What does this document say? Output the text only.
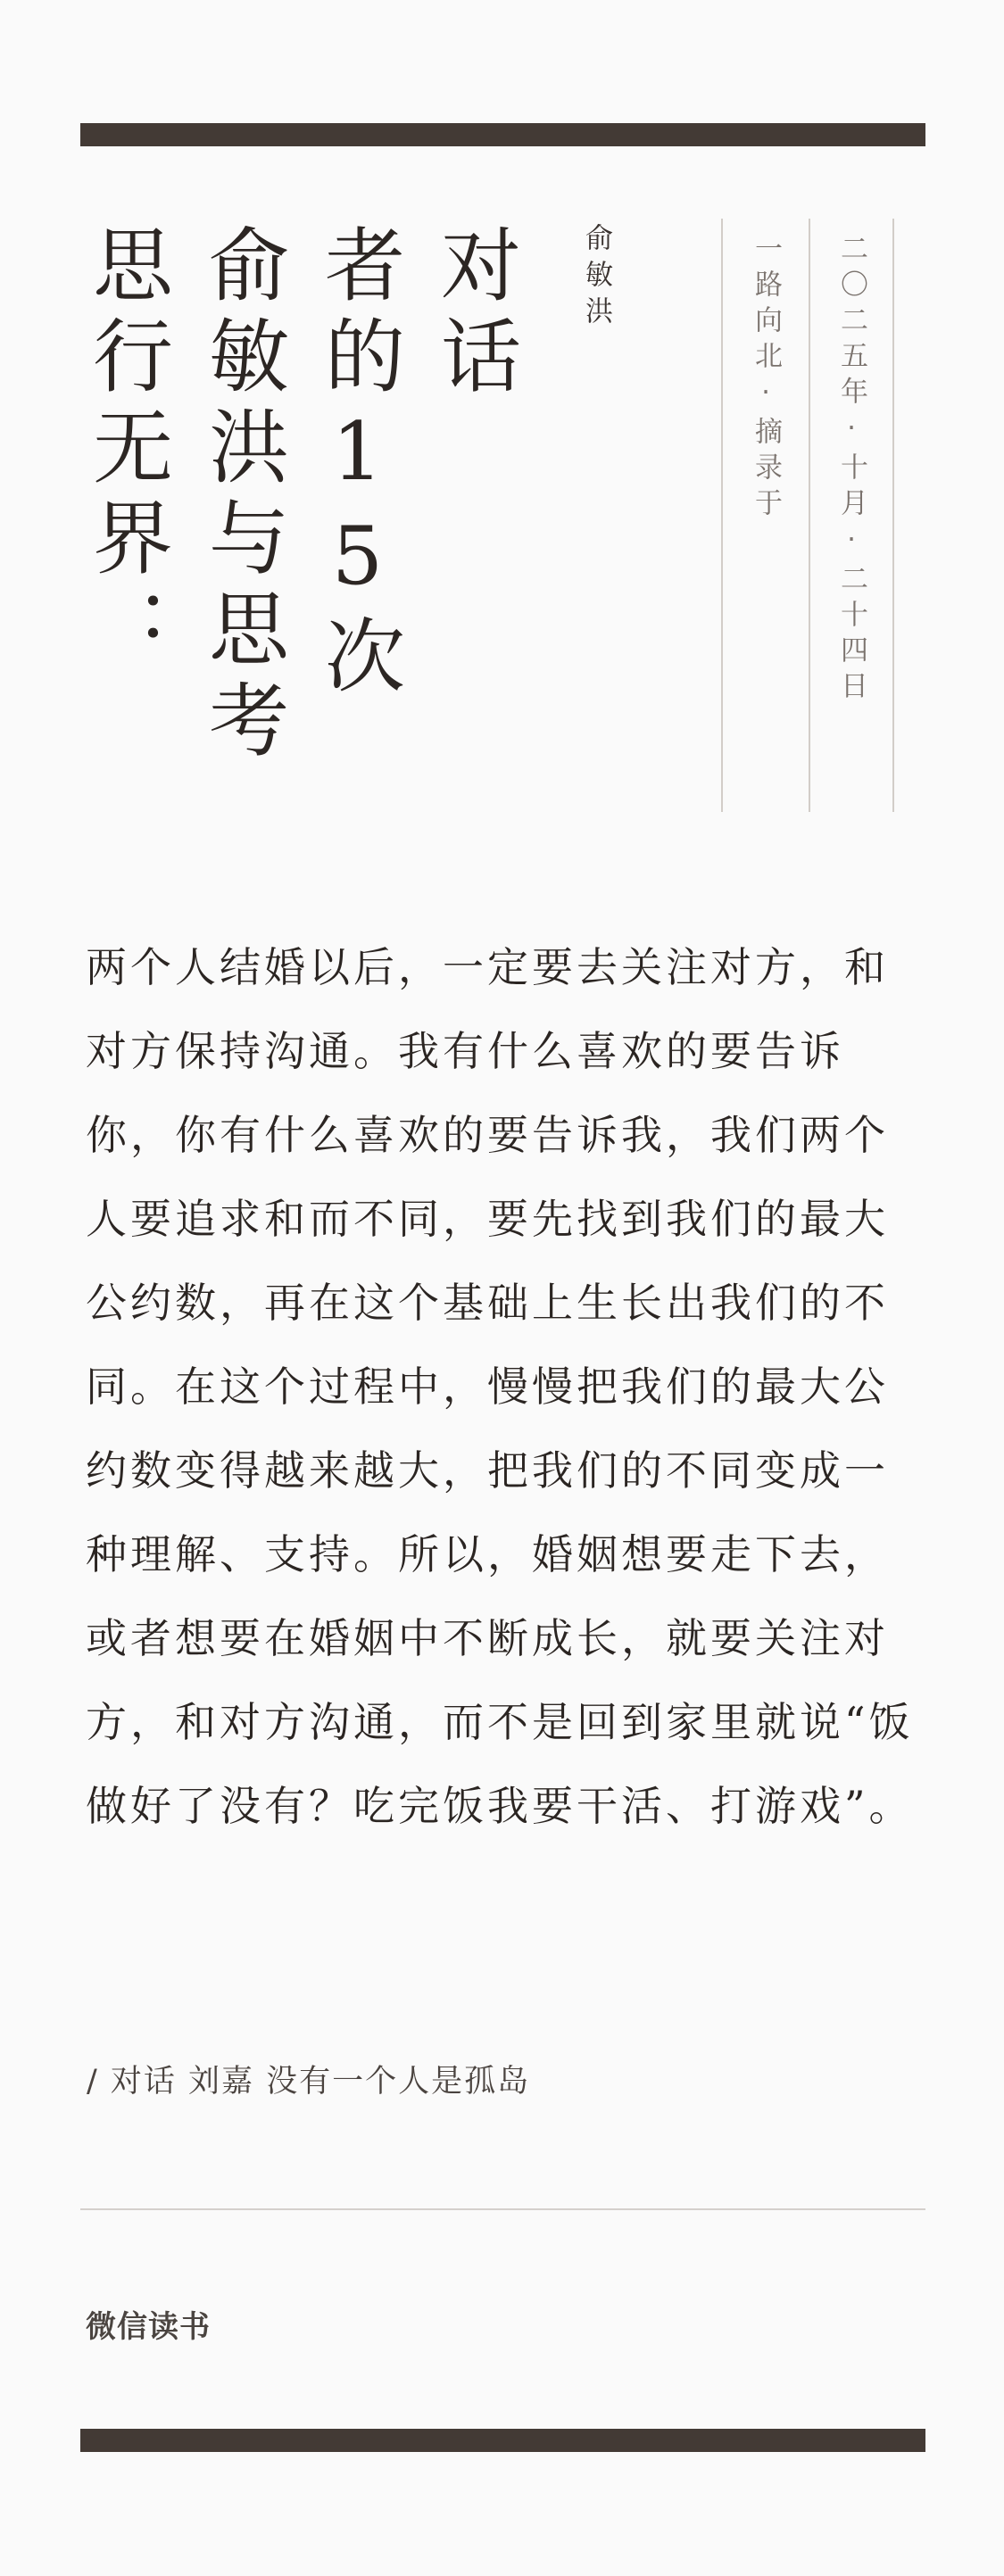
对话
者的15次
俞敏洪与思考
思行无界：	俞敏洪	一路向北·摘录于 二〇二五年·十月·二十四日

两个人结婚以后，一定要去关注对方，和对方保持沟通。我有什么喜欢的要告诉你，你有什么喜欢的要告诉我，我们两个人要追求和而不同，要先找到我们的最大公约数，再在这个基础上生长出我们的不同。在这个过程中，慢慢把我们的最大公约数变得越来越大，把我们的不同变成一种理解、支持。所以，婚姻想要走下去，或者想要在婚姻中不断成长，就要关注对方，和对方沟通，而不是回到家里就说“饭做好了没有？吃完饭我要干活、打游戏”。

/ 对话 刘嘉 没有一个人是孤岛
微信读书
